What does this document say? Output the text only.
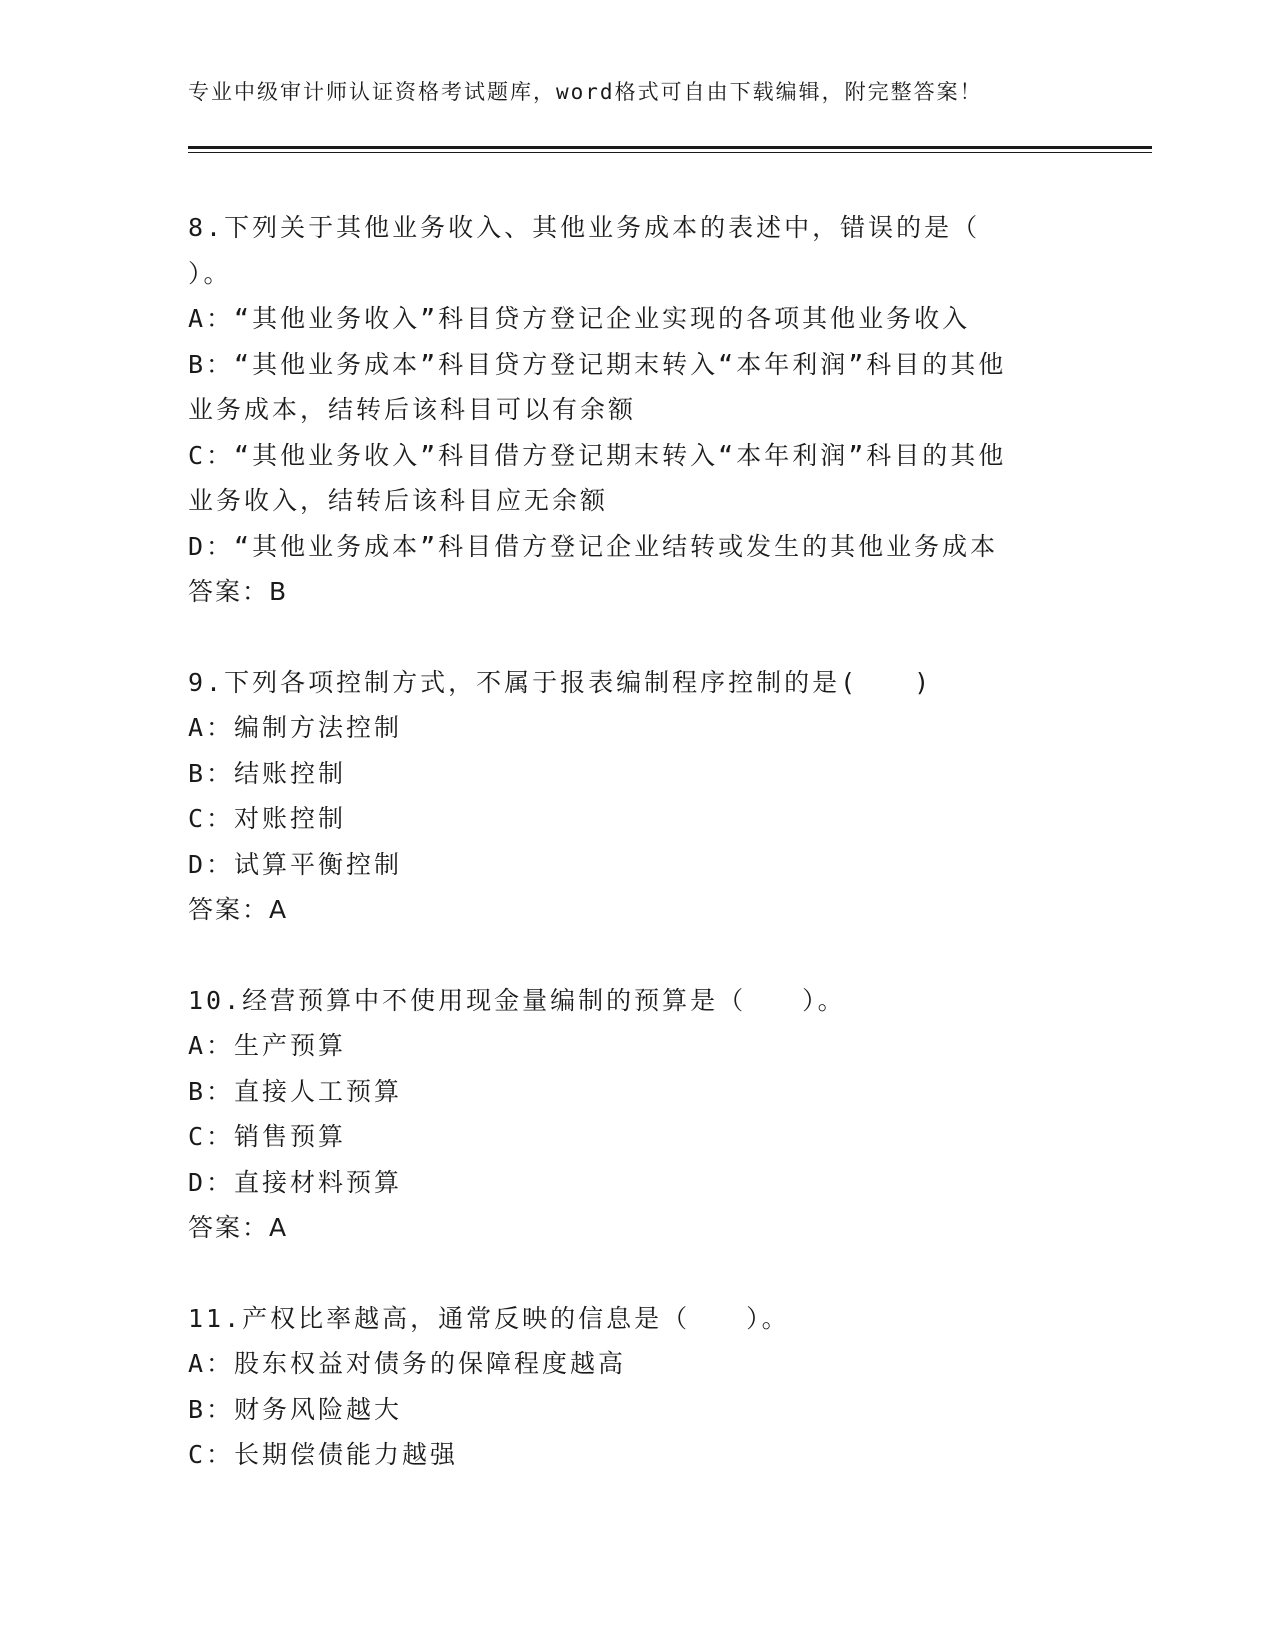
专业中级审计师认证资格考试题库，word格式可自由下载编辑，附完整答案！
8.下列关于其他业务收入、其他业务成本的表述中，错误的是（
）。
A：“其他业务收入”科目贷方登记企业实现的各项其他业务收入
B：“其他业务成本”科目贷方登记期末转入“本年利润”科目的其他
业务成本，结转后该科目可以有余额
C：“其他业务收入”科目借方登记期末转入“本年利润”科目的其他
业务收入，结转后该科目应无余额
D：“其他业务成本”科目借方登记企业结转或发生的其他业务成本
答案：B
9.下列各项控制方式，不属于报表编制程序控制的是(　　)
A：编制方法控制
B：结账控制
C：对账控制
D：试算平衡控制
答案：A
10.经营预算中不使用现金量编制的预算是（　　）。
A：生产预算
B：直接人工预算
C：销售预算
D：直接材料预算
答案：A
11.产权比率越高，通常反映的信息是（　　）。
A：股东权益对债务的保障程度越高
B：财务风险越大
C：长期偿债能力越强
